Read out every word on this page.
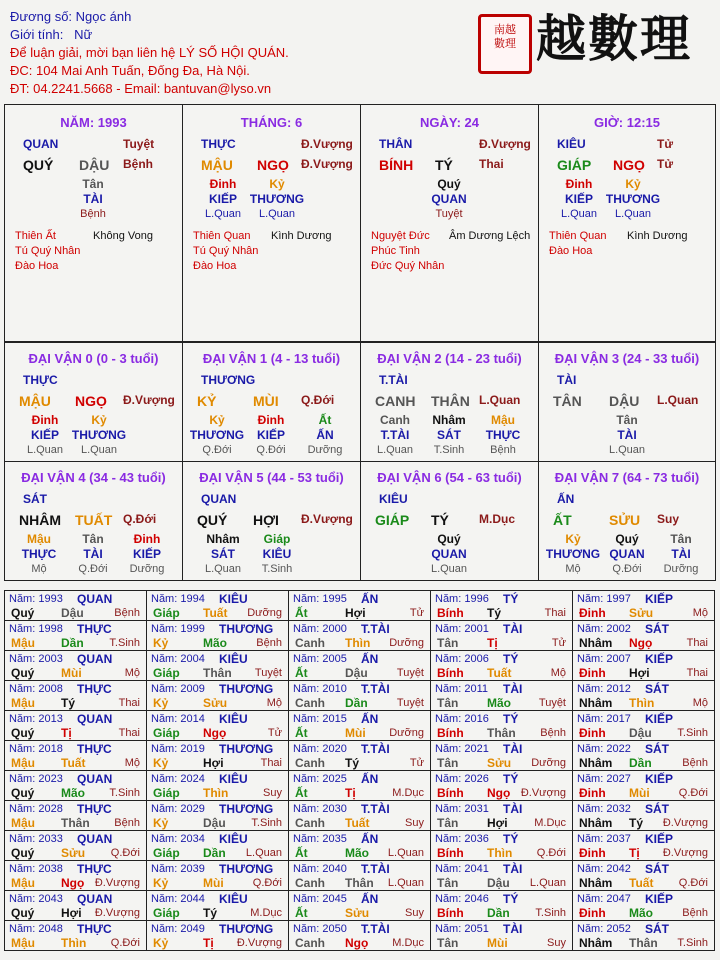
Đương số: Ngọc ánh
Giới tính: Nữ
Để luận giải, mời bạn liên hệ LÝ SỐ HỘI QUÁN.
ĐC: 104 Mai Anh Tuấn, Đống Đa, Hà Nội.
ĐT: 04.2241.5668 - Email: bantuvan@lyso.vn
南越
數理 越數理
NĂM: 1993
QUAN	Tuyệt
QUÝ DẬU Bệnh
Tân
TÀI
Bệnh
Thiên Ất	Không Vong
Tú Quý Nhân
Đào Hoa
THÁNG: 6
THỰC	Đ.Vượng
MẬU NGỌ Đ.Vượng
Đinh
KIẾP
L.Quan
Kỷ
THƯƠNG
L.Quan
Thiên Quan Kình Dương
Tú Quý Nhân
Đào Hoa
NGÀY: 24
THÂN	Đ.Vượng
BÍNH TÝ Thai
Quý
QUAN
Tuyệt
Nguyệt Đức Âm Dương Lệch
Phúc Tinh
Đức Quý Nhân
GIỜ: 12:15
KIÊU	Tử
GIÁP NGỌ Tử
Đinh
KIẾP
L.Quan
Kỷ
THƯƠNG
L.Quan
Thiên Quan Kình Dương
Đào Hoa
ĐẠI VẬN 0 (0 - 3 tuổi)
THỰC
MẬU NGỌ Đ.Vượng
Đinh
KIẾP
L.Quan
Kỷ
THƯƠNG
L.Quan
ĐẠI VẬN 1 (4 - 13 tuổi)
THƯƠNG
KỶ	MÙI Q.Đới
Kỷ
THƯƠNG
Q.Đới
Đinh
KIẾP
Q.Đới
Ất
ẤN
Dưỡng
ĐẠI VẬN 2 (14 - 23 tuổi)
T.TÀI
CANH THÂN L.Quan
Canh
T.TÀI
L.Quan
Nhâm
SÁT
T.Sinh
Mậu
THỰC
Bệnh
ĐẠI VẬN 3 (24 - 33 tuổi)
TÀI
TÂN DẬU L.Quan
Tân
TÀI
L.Quan
ĐẠI VẬN 4 (34 - 43 tuổi)
SÁT
NHÂM TUẤT Q.Đới
Mậu
THỰC
Mộ
Tân
TÀI
Q.Đới
Đinh
KIẾP
Dưỡng
ĐẠI VẬN 5 (44 - 53 tuổi)
QUAN
QUÝ HỢI Đ.Vượng
Nhâm
SÁT
L.Quan
Giáp
KIÊU
T.Sinh
ĐẠI VẬN 6 (54 - 63 tuổi)
KIÊU
GIÁP TÝ	M.Dục
Quý
QUAN
L.Quan
ĐẠI VẬN 7 (64 - 73 tuổi)
ẤN
ẤT	SỬU Suy
Kỷ
THƯƠNG
Mộ
Quý
QUAN
Q.Đới
Tân
TÀI
Dưỡng
Năm: 1993 QUAN
Quý Dậu	Bệnh
Năm: 1994 KIÊU
Giáp Tuất Dưỡng
Năm: 1995 ẤN
Ất	Hợi	Tử
Năm: 1996 TÝ
Bính Tý	Thai
Năm: 1997 KIẾP
Đinh Sửu	Mộ
Năm: 1998 THỰC
Mậu Dần T.Sinh
Năm: 1999 THƯƠNG
Kỷ	Mão	Bệnh
Năm: 2000 T.TÀI
Canh Thìn Dưỡng
Năm: 2001 TÀI
Tân Tị	Tử
Năm: 2002 SÁT
Nhâm Ngọ	Thai
Năm: 2003 QUAN
Quý Mùi	Mộ
Năm: 2004 KIÊU
Giáp Thân Tuyệt
Năm: 2005 ẤN
Ất	Dậu	Tuyệt
Năm: 2006 TÝ
Bính Tuất	Mộ
Năm: 2007 KIẾP
Đinh Hợi	Thai
Năm: 2008 THỰC
Mậu Tý	Thai
Năm: 2009 THƯƠNG
Kỷ	Sửu	Mộ
Năm: 2010 T.TÀI
Canh Dần	Tuyệt
Năm: 2011 TÀI
Tân Mão	Tuyệt
Năm: 2012 SÁT
Nhâm Thìn	Mộ
Năm: 2013 QUAN
Quý Tị	Thai
Năm: 2014 KIÊU
Giáp Ngọ	Tử
Năm: 2015 ẤN
Ất	Mùi Dưỡng
Năm: 2016 TÝ
Bính Thân Bệnh
Năm: 2017 KIẾP
Đinh Dậu T.Sinh
Năm: 2018 THỰC
Mậu Tuất	Mộ
Năm: 2019 THƯƠNG
Kỷ	Hợi	Thai
Năm: 2020 T.TÀI
Canh Tý	Tử
Năm: 2021 TÀI
Tân Sửu Dưỡng
Năm: 2022 SÁT
Nhâm Dần	Bệnh
Năm: 2023 QUAN
Quý Mão T.Sinh
Năm: 2024 KIÊU
Giáp Thìn	Suy
Năm: 2025 ẤN
Ất	Tị	M.Dục
Năm: 2026 TÝ
Bính Ngọ Đ.Vượng
Năm: 2027 KIẾP
Đinh Mùi	Q.Đới
Năm: 2028 THỰC
Mậu Thân Bệnh
Năm: 2029 THƯƠNG
Kỷ	Dậu T.Sinh
Năm: 2030 T.TÀI
Canh Tuất	Suy
Năm: 2031 TÀI
Tân Hợi M.Dục
Năm: 2032 SÁT
Nhâm Tý Đ.Vượng
Năm: 2033 QUAN
Quý Sửu Q.Đới
Năm: 2034 KIÊU
Giáp Dần L.Quan
Năm: 2035 ẤN
Ất	Mão L.Quan
Năm: 2036 TÝ
Bính Thìn Q.Đới
Năm: 2037 KIẾP
Đinh Tị Đ.Vượng
Năm: 2038 THỰC
Mậu Ngọ Đ.Vượng
Năm: 2039 THƯƠNG
Kỷ	Mùi	Q.Đới
Năm: 2040 T.TÀI
Canh Thân L.Quan
Năm: 2041 TÀI
Tân Dậu L.Quan
Năm: 2042 SÁT
Nhâm Tuất Q.Đới
Năm: 2043 QUAN
Quý Hợi Đ.Vượng
Năm: 2044 KIÊU
Giáp Tý	M.Dục
Năm: 2045 ẤN
Ất	Sửu	Suy
Năm: 2046 TÝ
Bính Dần T.Sinh
Năm: 2047 KIẾP
Đinh Mão	Bệnh
Năm: 2048 THỰC
Mậu Thìn Q.Đới
Năm: 2049 THƯƠNG
Kỷ	Tị Đ.Vượng
Năm: 2050 T.TÀI
Canh Ngọ M.Dục
Năm: 2051 TÀI
Tân Mùi	Suy
Năm: 2052 SÁT
Nhâm Thân T.Sinh
